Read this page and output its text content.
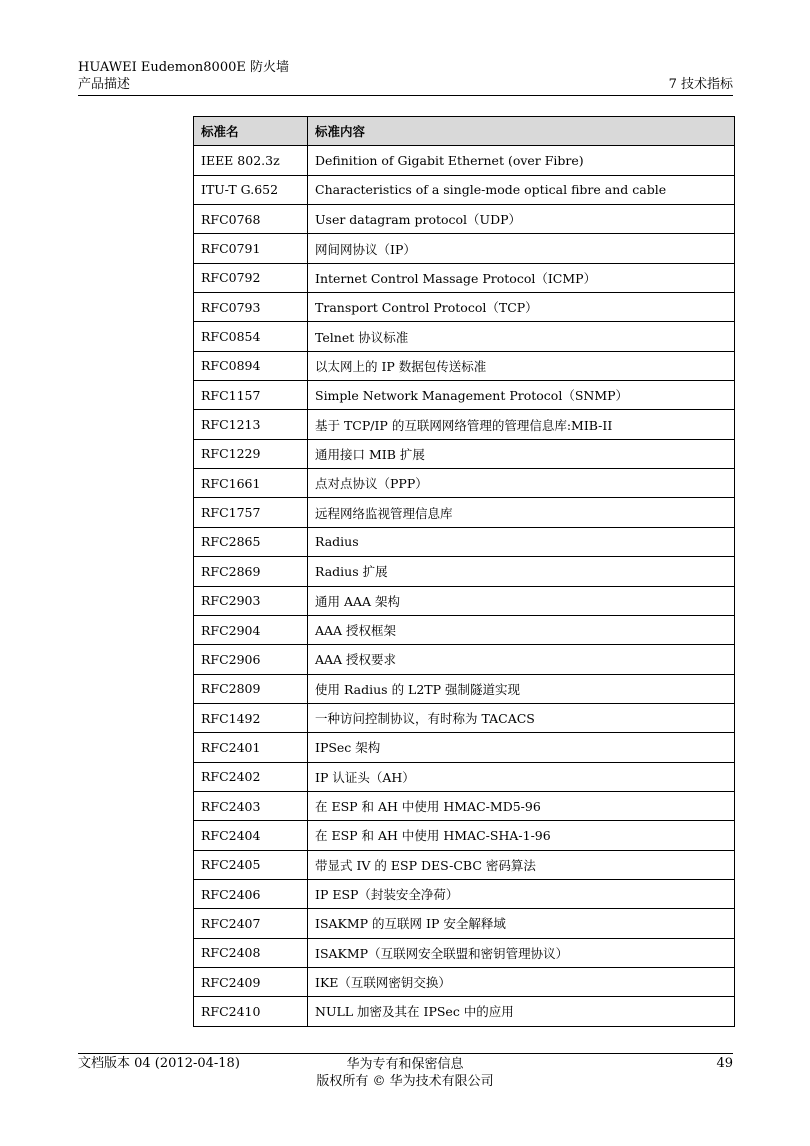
HUAWEI Eudemon8000E 防火墙
产品描述	7 技术指标
标准名	标准内容
IEEE 802.3z	Definition of Gigabit Ethernet (over Fibre)
ITU-T G.652	Characteristics of a single-mode optical fibre and cable
RFC0768	User datagram protocol（UDP）
RFC0791	网间网协议（IP）
RFC0792	Internet Control Massage Protocol（ICMP）
RFC0793	Transport Control Protocol（TCP）
RFC0854	Telnet 协议标准
RFC0894	以太网上的 IP 数据包传送标准
RFC1157	Simple Network Management Protocol（SNMP）
RFC1213	基于 TCP/IP 的互联网网络管理的管理信息库:MIB-II
RFC1229	通用接口 MIB 扩展
RFC1661	点对点协议（PPP）
RFC1757	远程网络监视管理信息库
RFC2865	Radius
RFC2869	Radius 扩展
RFC2903	通用 AAA 架构
RFC2904	AAA 授权框架
RFC2906	AAA 授权要求
RFC2809	使用 Radius 的 L2TP 强制隧道实现
RFC1492	一种访问控制协议，有时称为 TACACS
RFC2401	IPSec 架构
RFC2402	IP 认证头（AH）
RFC2403	在 ESP 和 AH 中使用 HMAC-MD5-96
RFC2404	在 ESP 和 AH 中使用 HMAC-SHA-1-96
RFC2405	带显式 IV 的 ESP DES-CBC 密码算法
RFC2406	IP ESP（封装安全净荷）
RFC2407	ISAKMP 的互联网 IP 安全解释域
RFC2408	ISAKMP（互联网安全联盟和密钥管理协议）
RFC2409	IKE（互联网密钥交换）
RFC2410	NULL 加密及其在 IPSec 中的应用
文档版本 04 (2012-04-18)	华为专有和保密信息
版权所有 © 华为技术有限公司
49
